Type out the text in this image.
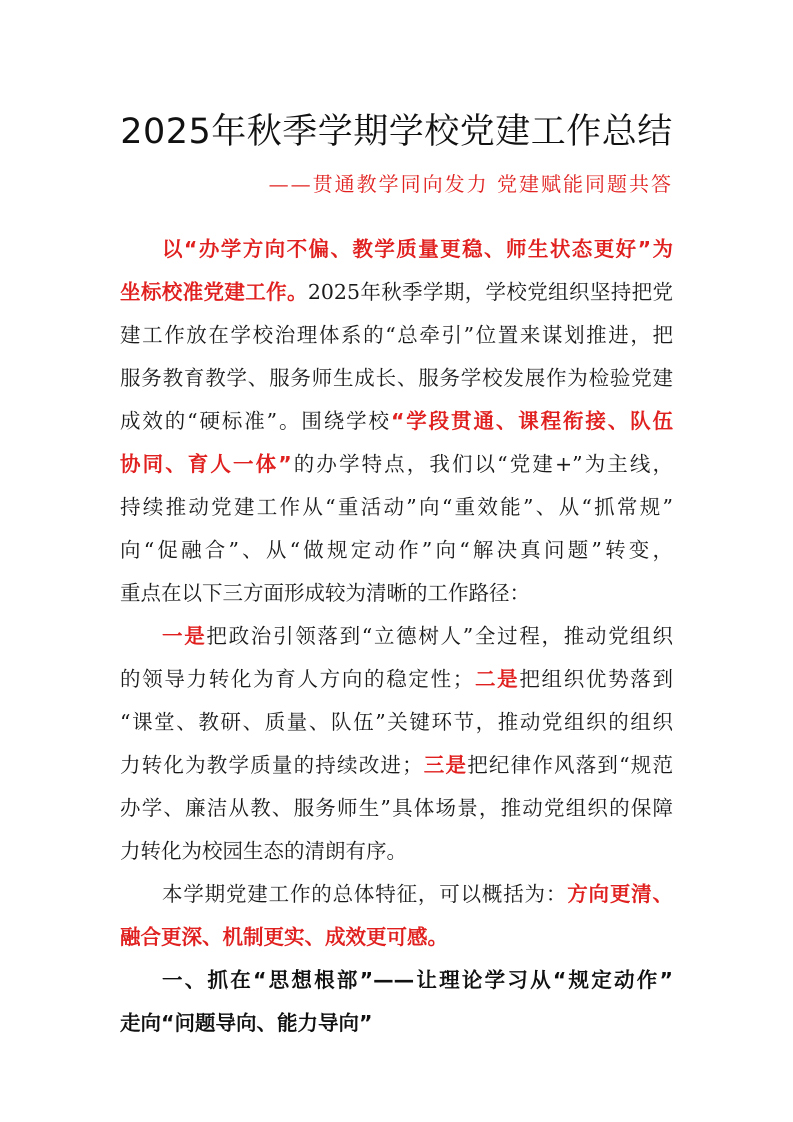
2025年秋季学期学校党建工作总结
——贯通教学同向发力 党建赋能同题共答
以“办学方向不偏、教学质量更稳、师生状态更好”为
坐标校准党建工作。2025年秋季学期，学校党组织坚持把党
建工作放在学校治理体系的“总牵引”位置来谋划推进，把
服务教育教学、服务师生成长、服务学校发展作为检验党建
成效的“硬标准”。围绕学校“学段贯通、课程衔接、队伍
协同、育人一体”的办学特点，我们以“党建+”为主线，
持续推动党建工作从“重活动”向“重效能”、从“抓常规”
向“促融合”、从“做规定动作”向“解决真问题”转变，
重点在以下三方面形成较为清晰的工作路径：
一是把政治引领落到“立德树人”全过程，推动党组织
的领导力转化为育人方向的稳定性；二是把组织优势落到
“课堂、教研、质量、队伍”关键环节，推动党组织的组织
力转化为教学质量的持续改进；三是把纪律作风落到“规范
办学、廉洁从教、服务师生”具体场景，推动党组织的保障
力转化为校园生态的清朗有序。
本学期党建工作的总体特征，可以概括为：方向更清、
融合更深、机制更实、成效更可感。
一、抓在“思想根部”——让理论学习从“规定动作”
走向“问题导向、能力导向”
